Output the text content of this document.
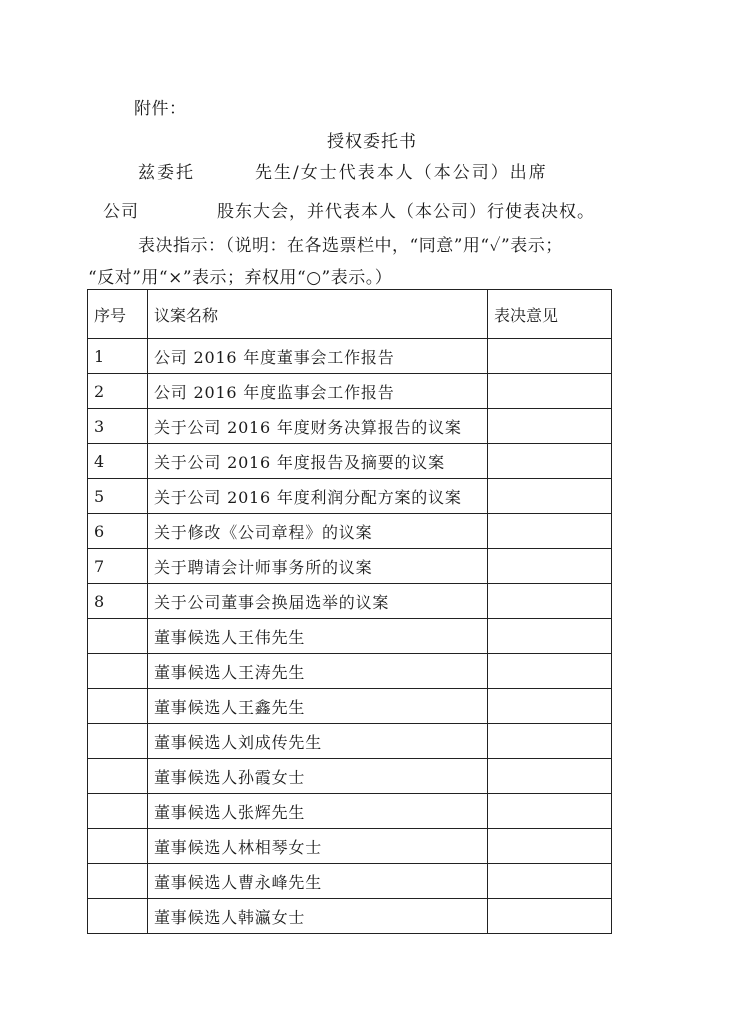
附件：
授权委托书
兹委托	先生/女士代表本人（本公司）出席
公司	股东大会，并代表本人（本公司）行使表决权。
表决指示：（说明：在各选票栏中，“同意”用“✓”表示；
“反对”用“×”表示；弃权用“○”表示。）
序号	议案名称	表决意见
1	公司 2016 年度董事会工作报告	
2	公司 2016 年度监事会工作报告	
3	关于公司 2016 年度财务决算报告的议案	
4	关于公司 2016 年度报告及摘要的议案	
5	关于公司 2016 年度利润分配方案的议案	
6	关于修改《公司章程》的议案	
7	关于聘请会计师事务所的议案	
8	关于公司董事会换届选举的议案	
	董事候选人王伟先生	
	董事候选人王涛先生	
	董事候选人王鑫先生	
	董事候选人刘成传先生	
	董事候选人孙霞女士	
	董事候选人张辉先生	
	董事候选人林相琴女士	
	董事候选人曹永峰先生	
	董事候选人韩瀛女士	
